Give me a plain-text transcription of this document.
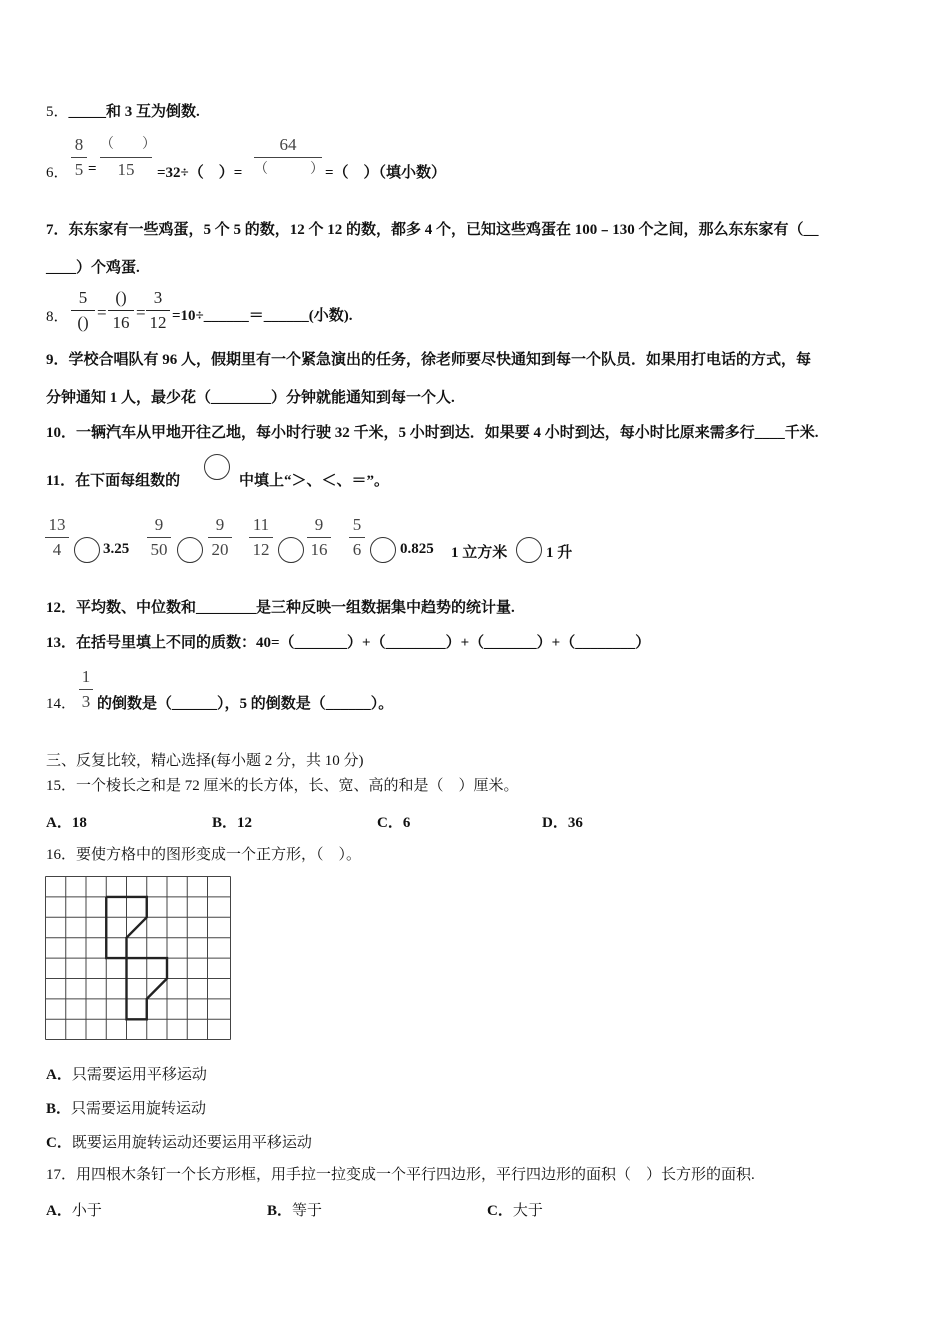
5．_____和 3 互为倒数.
6．
8
5 =
（　　）
15	=32÷（　）=
64
（　　　） =（　）（填小数）
7．东东家有一些鸡蛋，5 个 5 的数，12 个 12 的数，都多 4 个，已知这些鸡蛋在 100﹣130 个之间，那么东东家有（__
____）个鸡蛋.
8．
5
()
=
()
16
=
3
12 =10÷______＝______(小数).
9．学校合唱队有 96 人，假期里有一个紧急演出的任务，徐老师要尽快通知到每一个队员．如果用打电话的方式，每
分钟通知 1 人，最少花（________）分钟就能通知到每一个人.
10．一辆汽车从甲地开往乙地，每小时行驶 32 千米，5 小时到达．如果要 4 小时到达，每小时比原来需多行____千米.
11．在下面每组数的	中填上“＞、＜、＝”。
13
4	3.25
9
50
9
20
11
12
9
16
5
6	0.825 1 立方米	1 升
12．平均数、中位数和________是三种反映一组数据集中趋势的统计量.
13．在括号里填上不同的质数：40=（_______）+（________）+（_______）+（________）
14．
1
3 的倒数是（______），5 的倒数是（______）。
三、反复比较，精心选择(每小题 2 分，共 10 分)
15．一个棱长之和是 72 厘米的长方体，长、宽、高的和是（　）厘米。
A．18	B．12	C．6	D．36
16．要使方格中的图形变成一个正方形，（　）。
A．只需要运用平移运动
B．只需要运用旋转运动
C．既要运用旋转运动还要运用平移运动
17．用四根木条钉一个长方形框，用手拉一拉变成一个平行四边形，平行四边形的面积（　）长方形的面积.
A．小于	B．等于	C．大于
